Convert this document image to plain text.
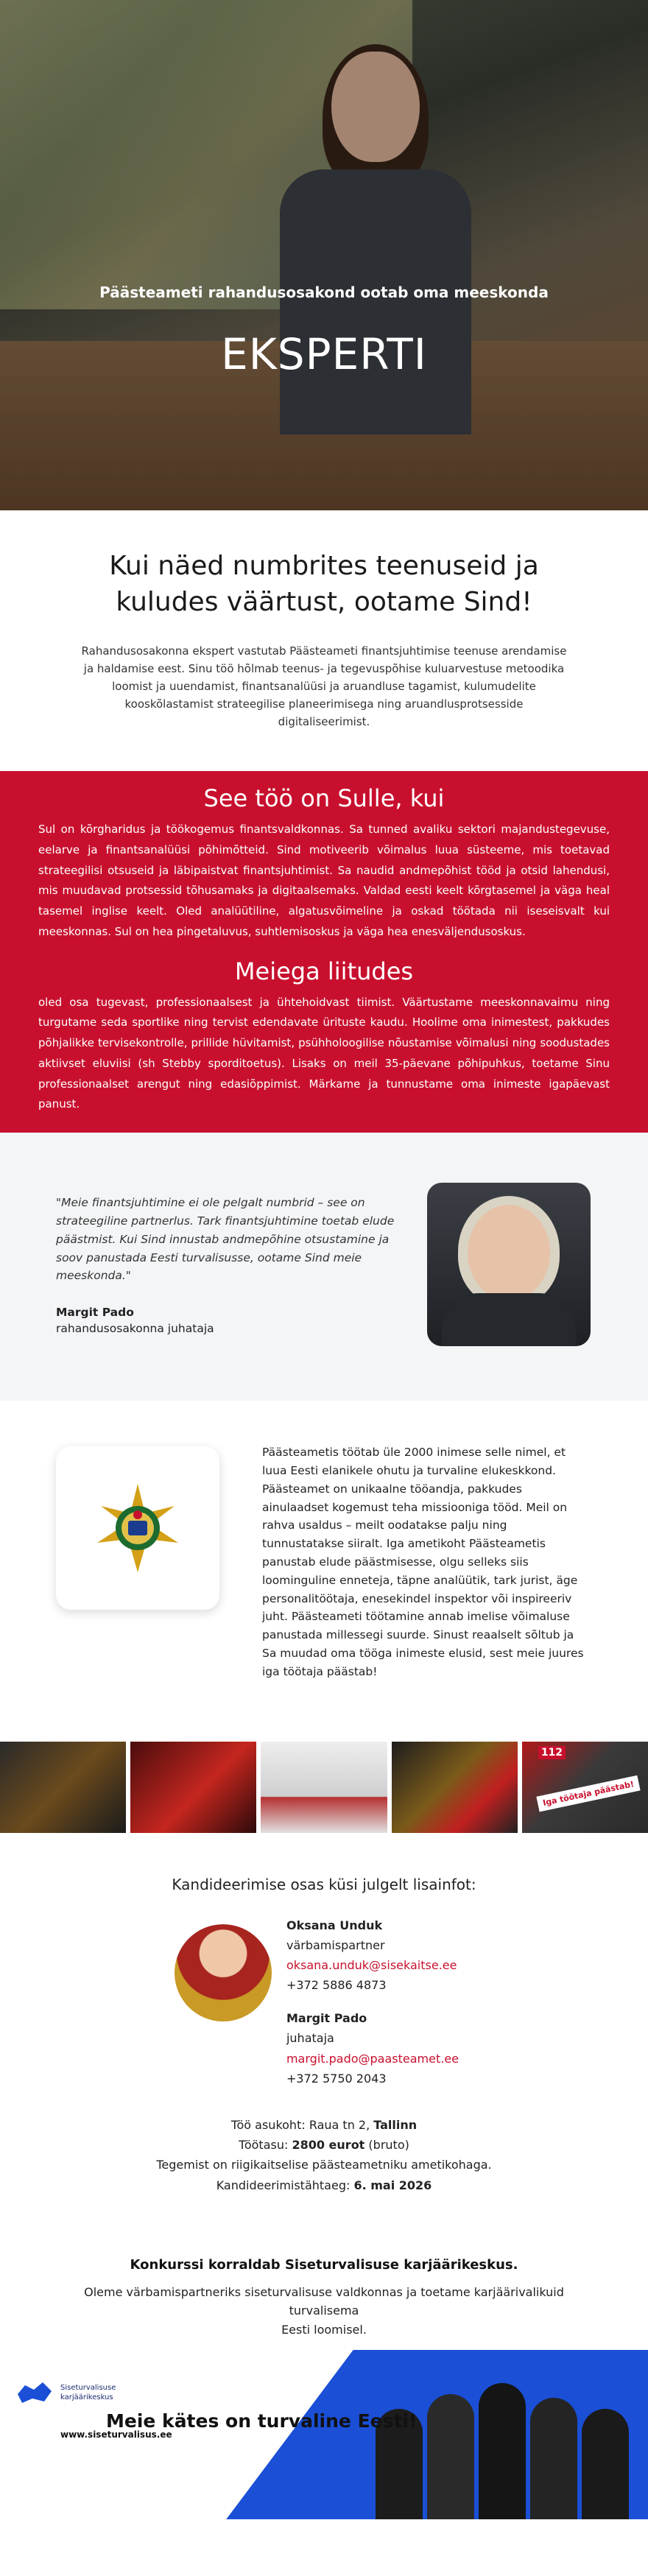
Päästeameti rahandusosakond ootab oma meeskonda
EKSPERTI
Kui näed numbrites teenuseid ja kuludes väärtust, ootame Sind!

Rahandusosakonna ekspert vastutab Päästeameti finantsjuhtimise teenuse arendamise ja haldamise eest. Sinu töö hõlmab teenus- ja tegevuspõhise kuluarvestuse metoodika loomist ja uuendamist, finantsanalüüsi ja aruandluse tagamist, kulumudelite kooskõlastamist strateegilise planeerimisega ning aruandlusprotsesside digitaliseerimist.

See töö on Sulle, kui

Sul on kõrgharidus ja töökogemus finantsvaldkonnas. Sa tunned avaliku sektori majandustegevuse, eelarve ja finantsanalüüsi põhimõtteid. Sind motiveerib võimalus luua süsteeme, mis toetavad strateegilisi otsuseid ja läbipaistvat finantsjuhtimist. Sa naudid andmepõhist tööd ja otsid lahendusi, mis muudavad protsessid tõhusamaks ja digitaalsemaks. Valdad eesti keelt kõrgtasemel ja väga heal tasemel inglise keelt. Oled analüütiline, algatusvõimeline ja oskad töötada nii iseseisvalt kui meeskonnas. Sul on hea pingetaluvus, suhtlemisoskus ja väga hea enesväljendusoskus.

Meiega liitudes

oled osa tugevast, professionaalsest ja ühtehoidvast tiimist. Väärtustame meeskonnavaimu ning turgutame seda sportlike ning tervist edendavate ürituste kaudu. Hoolime oma inimestest, pakkudes põhjalikke tervisekontrolle, prillide hüvitamist, psühholoogilise nõustamise võimalusi ning soodustades aktiivset eluviisi (sh Stebby sporditoetus). Lisaks on meil 35-päevane põhipuhkus, toetame Sinu professionaalset arengut ning edasiõppimist. Märkame ja tunnustame oma inimeste igapäevast panust.

"Meie finantsjuhtimine ei ole pelgalt numbrid – see on strateegiline partnerlus. Tark finantsjuhtimine toetab elude päästmist. Kui Sind innustab andmepõhine otsustamine ja soov panustada Eesti turvalisusse, ootame Sind meie meeskonda."

Margit Pado

rahandusosakonna juhataja

Päästeametis töötab üle 2000 inimese selle nimel, et luua Eesti elanikele ohutu ja turvaline elukeskkond. Päästeamet on unikaalne tööandja, pakkudes ainulaadset kogemust teha missiooniga tööd. Meil on rahva usaldus – meilt oodatakse palju ning tunnustatakse siiralt. Iga ametikoht Päästeametis panustab elude päästmisesse, olgu selleks siis loominguline enneteja, täpne analüütik, tark jurist, äge personalitöötaja, enesekindel inspektor või inspireeriv juht. Päästeameti töötamine annab imelise võimaluse panustada millessegi suurde. Sinust reaalselt sõltub ja Sa muudad oma tööga inimeste elusid, sest meie juures iga töötaja päästab!

112
Iga töötaja päästab!
Kandideerimise osas küsi julgelt lisainfot:
Oksana Unduk
värbamispartner
oksana.unduk@sisekaitse.ee
+372 5886 4873
Margit Pado
juhataja
margit.pado@paasteamet.ee
+372 5750 2043
Töö asukoht: Raua tn 2, Tallinn
Töötasu: 2800 eurot (bruto)
Tegemist on riigikaitselise päästeametniku ametikohaga.
Kandideerimistähtaeg: 6. mai 2026
Konkurssi korraldab Siseturvalisuse karjäärikeskus.

Oleme värbamispartneriks siseturvalisuse valdkonnas ja toetame karjäärivalikuid turvalisema
Eesti loomisel.

Siseturvalisuse
karjäärikeskus
Meie kätes on turvaline Eesti!
www.siseturvalisus.ee
